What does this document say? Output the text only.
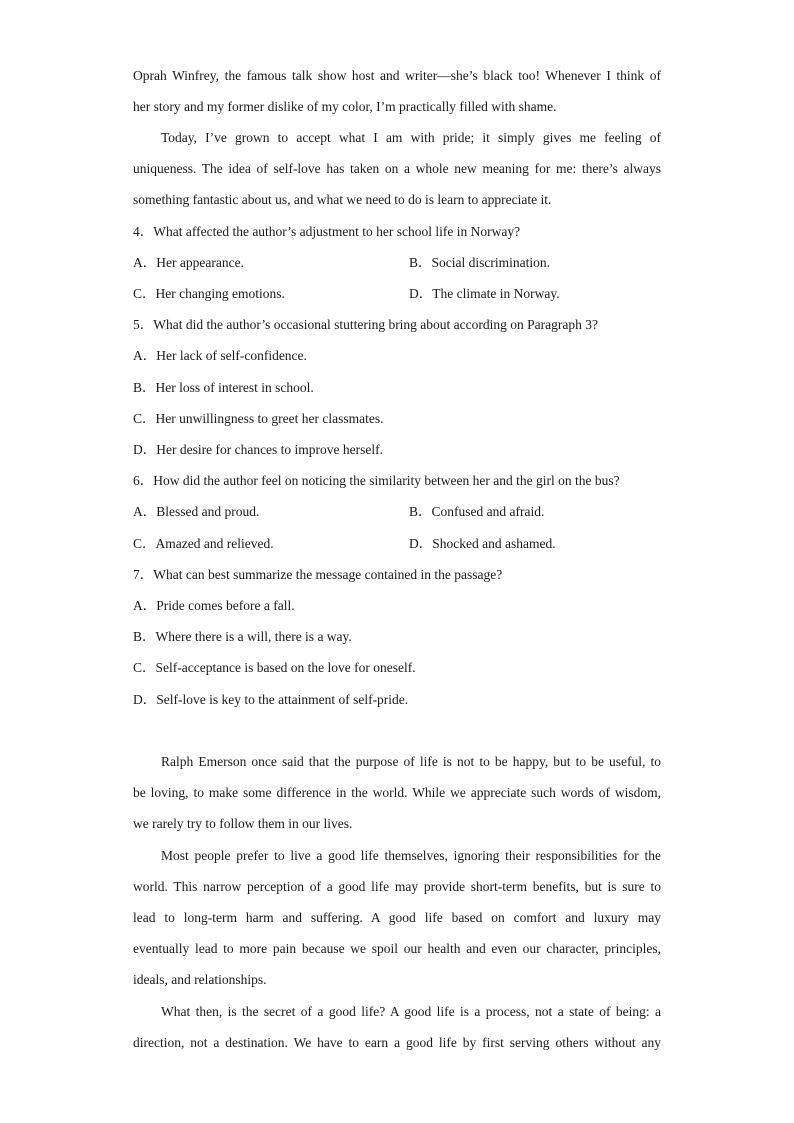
Oprah Winfrey, the famous talk show host and writer—she’s black too! Whenever I think of
her story and my former dislike of my color, I’m practically filled with shame.
Today, I’ve grown to accept what I am with pride; it simply gives me feeling of
uniqueness. The idea of self-love has taken on a whole new meaning for me: there’s always
something fantastic about us, and what we need to do is learn to appreciate it.
4．What affected the author’s adjustment to her school life in Norway?
A．Her appearance.	B．Social discrimination.
C．Her changing emotions.	D．The climate in Norway.
5．What did the author’s occasional stuttering bring about according on Paragraph 3?
A．Her lack of self-confidence.
B．Her loss of interest in school.
C．Her unwillingness to greet her classmates.
D．Her desire for chances to improve herself.
6．How did the author feel on noticing the similarity between her and the girl on the bus?
A．Blessed and proud.	B．Confused and afraid.
C．Amazed and relieved.	D．Shocked and ashamed.
7．What can best summarize the message contained in the passage?
A．Pride comes before a fall.
B．Where there is a will, there is a way.
C．Self-acceptance is based on the love for oneself.
D．Self-love is key to the attainment of self-pride.
Ralph Emerson once said that the purpose of life is not to be happy, but to be useful, to
be loving, to make some difference in the world. While we appreciate such words of wisdom,
we rarely try to follow them in our lives.
Most people prefer to live a good life themselves, ignoring their responsibilities for the
world. This narrow perception of a good life may provide short-term benefits, but is sure to
lead to long-term harm and suffering. A good life based on comfort and luxury may
eventually lead to more pain because we spoil our health and even our character, principles,
ideals, and relationships.
What then, is the secret of a good life? A good life is a process, not a state of being: a
direction, not a destination. We have to earn a good life by first serving others without any
